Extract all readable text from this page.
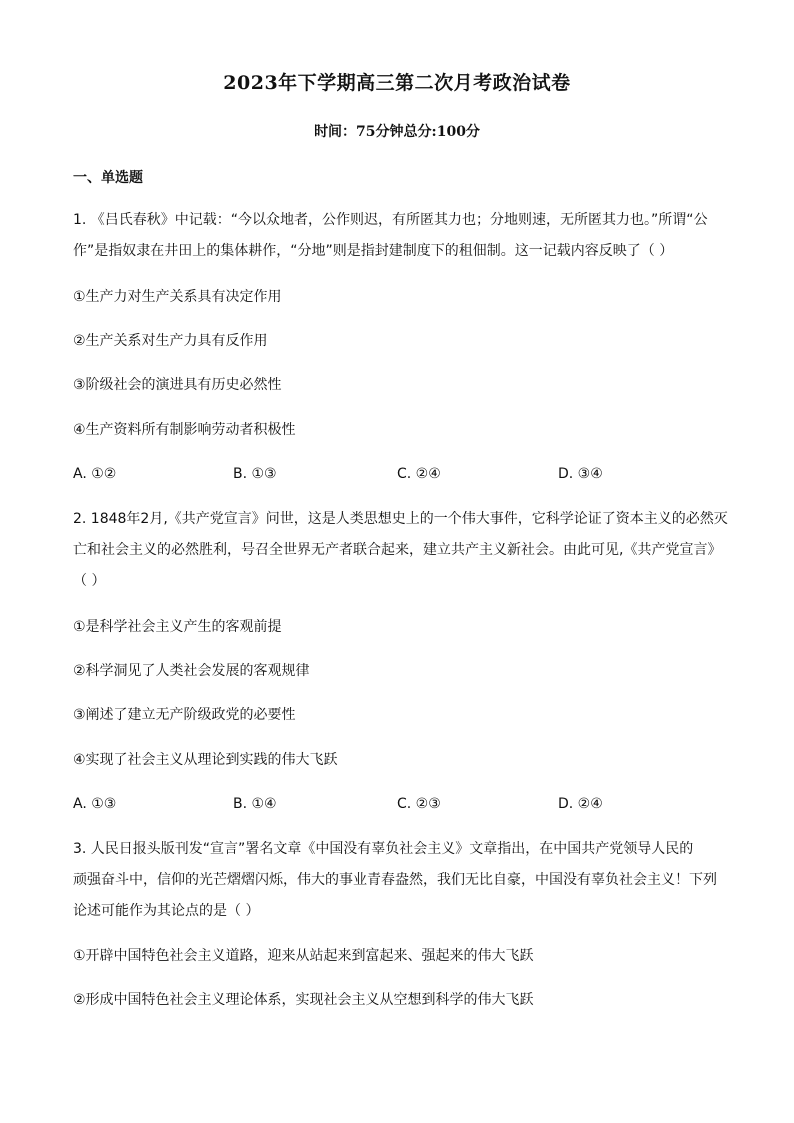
2023年下学期高三第二次月考政治试卷
时间：75分钟总分:100分
一、单选题
1. 《吕氏春秋》中记载：“今以众地者，公作则迟，有所匿其力也；分地则速，无所匿其力也。”所谓“公
作”是指奴隶在井田上的集体耕作，“分地”则是指封建制度下的租佃制。这一记载内容反映了（ ）
①生产力对生产关系具有决定作用
②生产关系对生产力具有反作用
③阶级社会的演进具有历史必然性
④生产资料所有制影响劳动者积极性
A. ①②	B. ①③	C. ②④	D. ③④
2. 1848年2月,《共产党宣言》问世，这是人类思想史上的一个伟大事件，它科学论证了资本主义的必然灭
亡和社会主义的必然胜利，号召全世界无产者联合起来，建立共产主义新社会。由此可见,《共产党宣言》
（ ）
①是科学社会主义产生的客观前提
②科学洞见了人类社会发展的客观规律
③阐述了建立无产阶级政党的必要性
④实现了社会主义从理论到实践的伟大飞跃
A. ①③	B. ①④	C. ②③	D. ②④
3. 人民日报头版刊发“宣言”署名文章《中国没有辜负社会主义》文章指出，在中国共产党领导人民的
顽强奋斗中，信仰的光芒熠熠闪烁，伟大的事业青春盎然，我们无比自豪，中国没有辜负社会主义！下列
论述可能作为其论点的是（ ）
①开辟中国特色社会主义道路，迎来从站起来到富起来、强起来的伟大飞跃
②形成中国特色社会主义理论体系，实现社会主义从空想到科学的伟大飞跃
